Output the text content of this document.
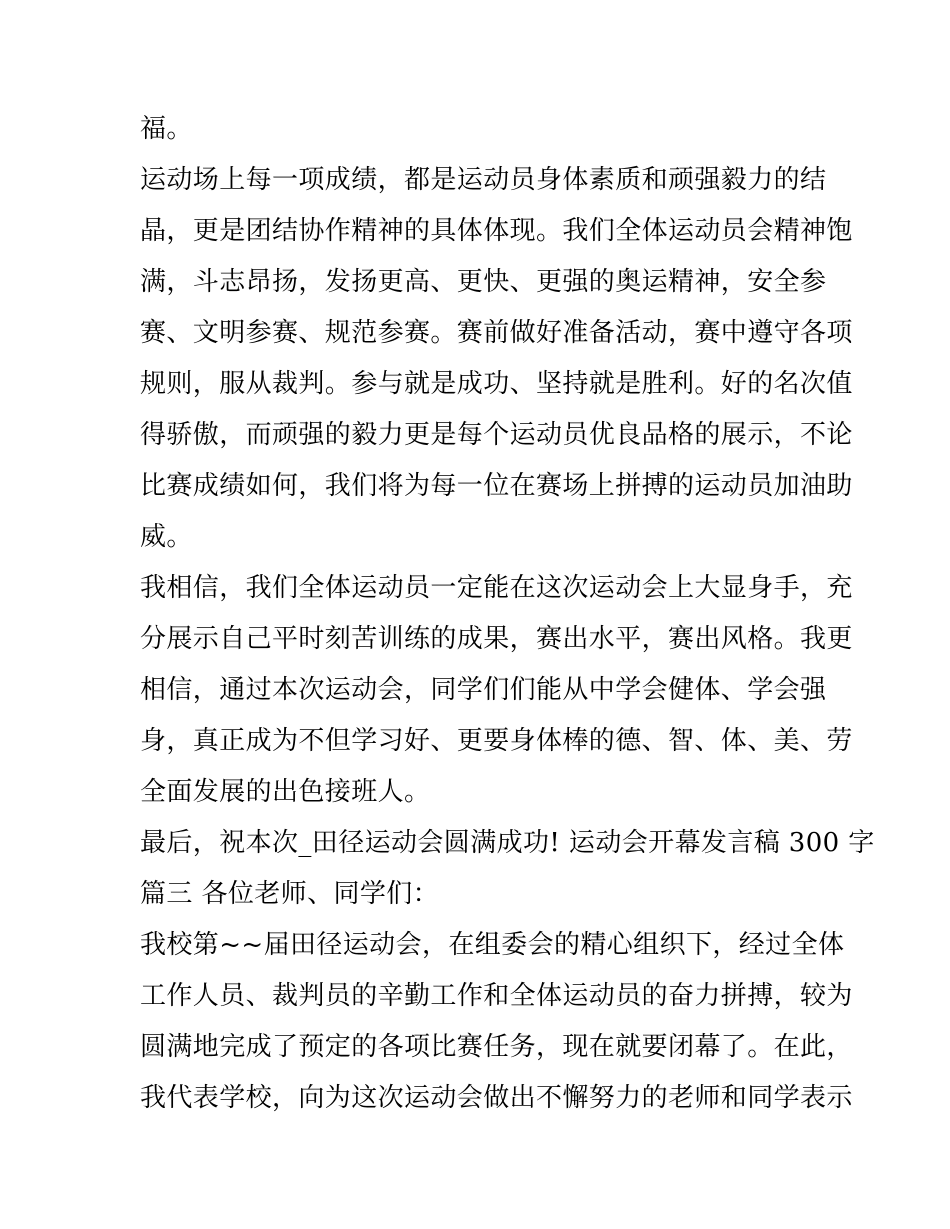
福。
运动场上每一项成绩，都是运动员身体素质和顽强毅力的结
晶，更是团结协作精神的具体体现。我们全体运动员会精神饱
满，斗志昂扬，发扬更高、更快、更强的奥运精神，安全参
赛、文明参赛、规范参赛。赛前做好准备活动，赛中遵守各项
规则，服从裁判。参与就是成功、坚持就是胜利。好的名次值
得骄傲，而顽强的毅力更是每个运动员优良品格的展示，不论
比赛成绩如何，我们将为每一位在赛场上拼搏的运动员加油助
威。
我相信，我们全体运动员一定能在这次运动会上大显身手，充
分展示自己平时刻苦训练的成果，赛出水平，赛出风格。我更
相信，通过本次运动会，同学们们能从中学会健体、学会强
身，真正成为不但学习好、更要身体棒的德、智、体、美、劳
全面发展的出色接班人。
最后，祝本次_田径运动会圆满成功! 运动会开幕发言稿 300 字
篇三 各位老师、同学们：
我校第~~届田径运动会，在组委会的精心组织下，经过全体
工作人员、裁判员的辛勤工作和全体运动员的奋力拼搏，较为
圆满地完成了预定的各项比赛任务，现在就要闭幕了。在此，
我代表学校，向为这次运动会做出不懈努力的老师和同学表示
